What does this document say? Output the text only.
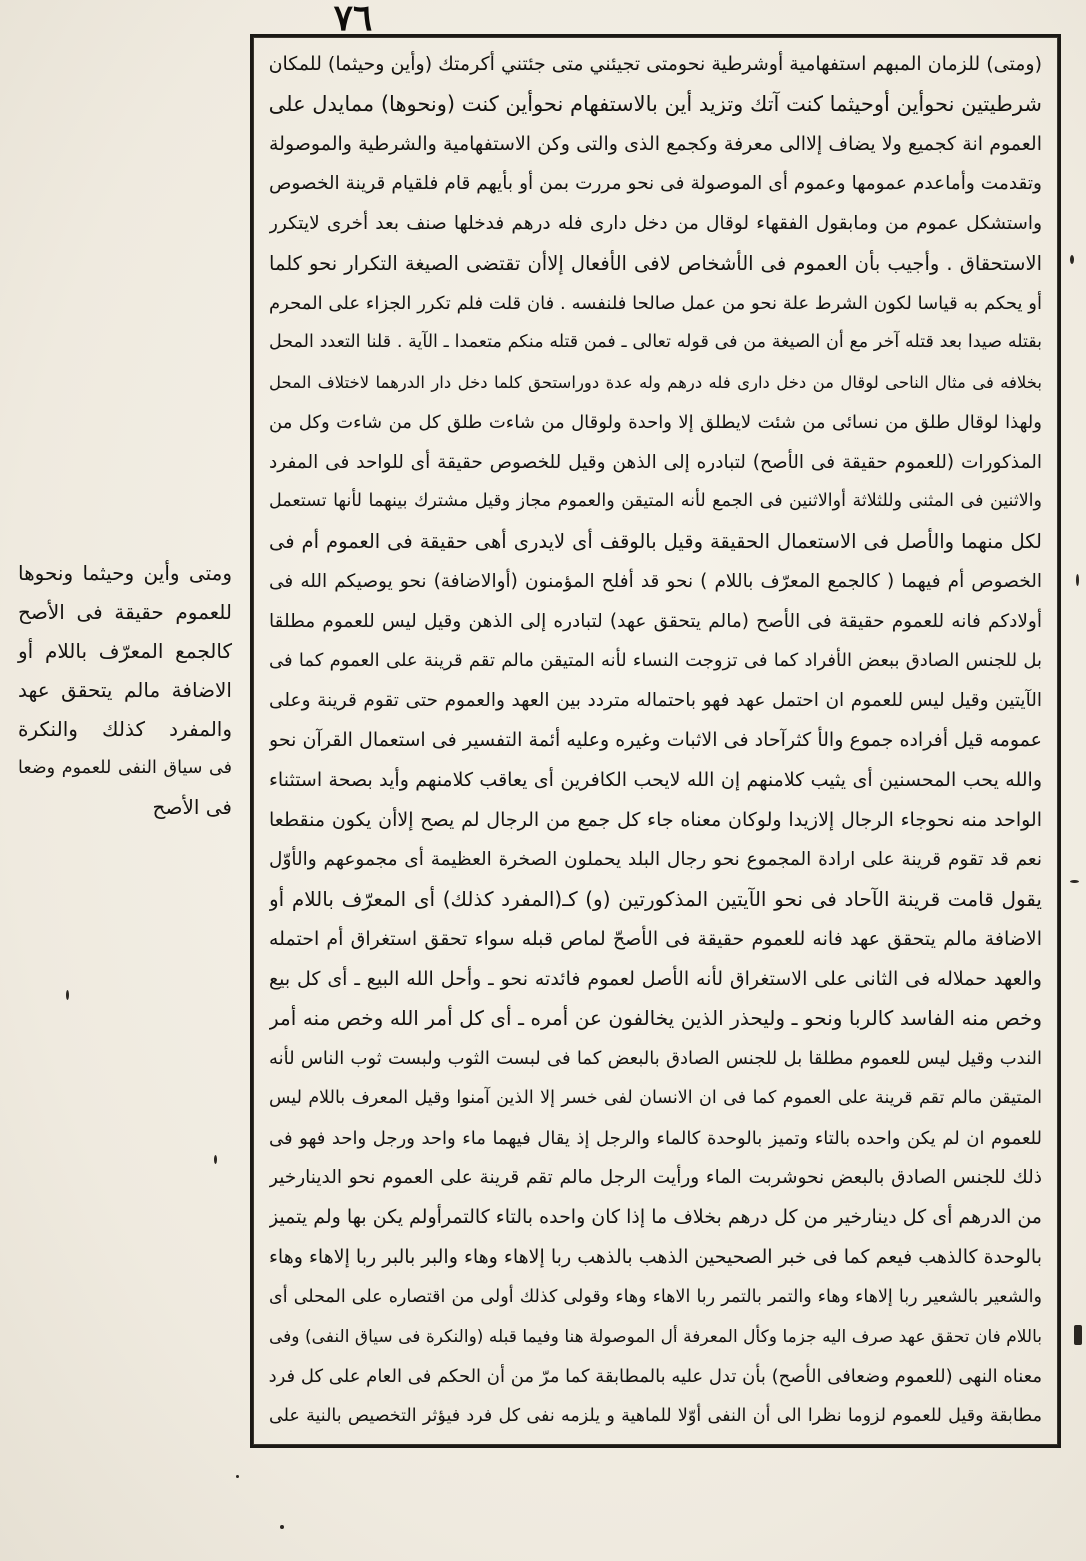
٧٦
(ومتى) للزمان المبهم استفهامية أوشرطية نحومتى تجيئني متى جئتني أكرمتك (وأين وحيثما) للمكان
شرطيتين نحوأين أوحيثما كنت آتك وتزيد أين بالاستفهام نحوأين كنت (ونحوها) ممايدل على
العموم انة كجميع ولا يضاف إلاالى معرفة وكجمع الذى والتى وكن الاستفهامية والشرطية والموصولة
وتقدمت وأماعدم عمومها وعموم أى الموصولة فى نحو مررت بمن أو بأيهم قام فلقيام قرينة الخصوص
واستشكل عموم من ومابقول الفقهاء لوقال من دخل دارى فله درهم فدخلها صنف بعد أخرى لايتكرر
الاستحقاق . وأجيب بأن العموم فى الأشخاص لافى الأفعال إلاأن تقتضى الصيغة التكرار نحو كلما
أو يحكم به قياسا لكون الشرط علة نحو من عمل صالحا فلنفسه . فان قلت فلم تكرر الجزاء على المحرم
بقتله صيدا بعد قتله آخر مع أن الصيغة من فى قوله تعالى ـ فمن قتله منكم متعمدا ـ الآية . قلنا التعدد المحل
بخلافه فى مثال الناحى لوقال من دخل دارى فله درهم وله عدة دوراستحق كلما دخل دار الدرهما لاختلاف المحل
ولهذا لوقال طلق من نسائى من شئت لايطلق إلا واحدة ولوقال من شاءت طلق كل من شاءت وكل من
المذكورات (للعموم حقيقة فى الأصح) لتبادره إلى الذهن وقيل للخصوص حقيقة أى للواحد فى المفرد
والاثنين فى المثنى وللثلاثة أوالاثنين فى الجمع لأنه المتيقن والعموم مجاز وقيل مشترك بينهما لأنها تستعمل
لكل منهما والأصل فى الاستعمال الحقيقة وقيل بالوقف أى لايدرى أهى حقيقة فى العموم أم فى
الخصوص أم فيهما ( كالجمع المعرّف باللام ) نحو قد أفلح المؤمنون (أوالاضافة) نحو يوصيكم الله فى
أولادكم فانه للعموم حقيقة فى الأصح (مالم يتحقق عهد) لتبادره إلى الذهن وقيل ليس للعموم مطلقا
بل للجنس الصادق ببعض الأفراد كما فى تزوجت النساء لأنه المتيقن مالم تقم قرينة على العموم كما فى
الآيتين وقيل ليس للعموم ان احتمل عهد فهو باحتماله متردد بين العهد والعموم حتى تقوم قرينة وعلى
عمومه قيل أفراده جموع والأ كثرآحاد فى الاثبات وغيره وعليه أئمة التفسير فى استعمال القرآن نحو
والله يحب المحسنين أى يثيب كلامنهم إن الله لايحب الكافرين أى يعاقب كلامنهم وأيد بصحة استثناء
الواحد منه نحوجاء الرجال إلازيدا ولوكان معناه جاء كل جمع من الرجال لم يصح إلاأن يكون منقطعا
نعم قد تقوم قرينة على ارادة المجموع نحو رجال البلد يحملون الصخرة العظيمة أى مجموعهم والأوّل
يقول قامت قرينة الآحاد فى نحو الآيتين المذكورتين (و) كـ(المفرد كذلك) أى المعرّف باللام أو
الاضافة مالم يتحقق عهد فانه للعموم حقيقة فى الأصحّ لماص قبله سواء تحقق استغراق أم احتمله
والعهد حملاله فى الثانى على الاستغراق لأنه الأصل لعموم فائدته نحو ـ وأحل الله البيع ـ أى كل بيع
وخص منه الفاسد كالربا ونحو ـ وليحذر الذين يخالفون عن أمره ـ أى كل أمر الله وخص منه أمر
الندب وقيل ليس للعموم مطلقا بل للجنس الصادق بالبعض كما فى لبست الثوب ولبست ثوب الناس لأنه
المتيقن مالم تقم قرينة على العموم كما فى ان الانسان لفى خسر إلا الذين آمنوا وقيل المعرف باللام ليس
للعموم ان لم يكن واحده بالتاء وتميز بالوحدة كالماء والرجل إذ يقال فيهما ماء واحد ورجل واحد فهو فى
ذلك للجنس الصادق بالبعض نحوشربت الماء ورأيت الرجل مالم تقم قرينة على العموم نحو الدينارخير
من الدرهم أى كل دينارخير من كل درهم بخلاف ما إذا كان واحده بالتاء كالتمرأولم يكن بها ولم يتميز
بالوحدة كالذهب فيعم كما فى خبر الصحيحين الذهب بالذهب ربا إلاهاء وهاء والبر بالبر ربا إلاهاء وهاء
والشعير بالشعير ربا إلاهاء وهاء والتمر بالتمر ربا الاهاء وهاء وقولى كذلك أولى من اقتصاره على المحلى أى
باللام فان تحقق عهد صرف اليه جزما وكأل المعرفة أل الموصولة هنا وفيما قبله (والنكرة فى سياق النفى) وفى
معناه النهى (للعموم وضعافى الأصح) بأن تدل عليه بالمطابقة كما مرّ من أن الحكم فى العام على كل فرد
مطابقة وقيل للعموم لزوما نظرا الى أن النفى أوّلا للماهية و يلزمه نفى كل فرد فيؤثر التخصيص بالنية على
ومتى وأين وحيثما ونحوها
للعموم حقيقة فى الأصح
كالجمع المعرّف باللام أو
الاضافة مالم يتحقق عهد
والمفرد كذلك والنكرة
فى سياق النفى للعموم وضعا
فى الأصح
